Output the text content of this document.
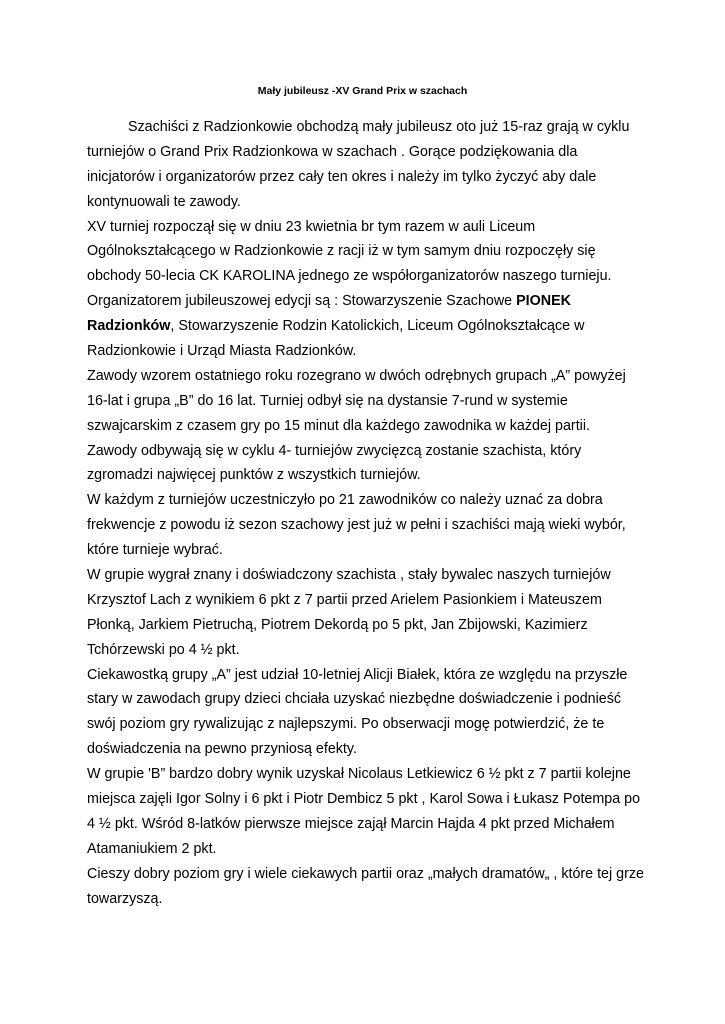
Mały jubileusz -XV Grand Prix w szachach
Szachiści z Radzionkowie obchodzą mały jubileusz oto już 15-raz grają w cyklu
turniejów o Grand Prix Radzionkowa w szachach . Gorące podziękowania dla
inicjatorów i organizatorów przez cały ten okres i należy im tylko życzyć aby dale
kontynuowali te zawody.
XV turniej rozpoczął się w dniu 23 kwietnia br tym razem w auli Liceum
Ogólnokształcącego w Radzionkowie z racji iż w tym samym dniu rozpoczęły się
obchody 50-lecia CK KAROLINA jednego ze współorganizatorów naszego turnieju.
Organizatorem jubileuszowej edycji są : Stowarzyszenie Szachowe PIONEK
Radzionków, Stowarzyszenie Rodzin Katolickich, Liceum Ogólnokształcące w
Radzionkowie i Urząd Miasta Radzionków.
Zawody wzorem ostatniego roku rozegrano w dwóch odrębnych grupach „A” powyżej
16-lat i grupa „B” do 16 lat. Turniej odbył się na dystansie 7-rund w systemie
szwajcarskim z czasem gry po 15 minut dla każdego zawodnika w każdej partii.
Zawody odbywają się w cyklu 4- turniejów zwycięzcą zostanie szachista, który
zgromadzi najwięcej punktów z wszystkich turniejów.
W każdym z turniejów uczestniczyło po 21 zawodników co należy uznać za dobra
frekwencje z powodu iż sezon szachowy jest już w pełni i szachiści mają wieki wybór,
które turnieje wybrać.
W grupie wygrał znany i doświadczony szachista , stały bywalec naszych turniejów
Krzysztof Lach z wynikiem 6 pkt z 7 partii przed Arielem Pasionkiem i Mateuszem
Płonką, Jarkiem Pietruchą, Piotrem Dekordą po 5 pkt, Jan Zbijowski, Kazimierz
Tchórzewski po 4 ½ pkt.
Ciekawostką grupy „A” jest udział 10-letniej Alicji Białek, która ze względu na przyszłe
stary w zawodach grupy dzieci chciała uzyskać niezbędne doświadczenie i podnieść
swój poziom gry rywalizując z najlepszymi. Po obserwacji mogę potwierdzić, że te
doświadczenia na pewno przyniosą efekty.
W grupie 'B” bardzo dobry wynik uzyskał Nicolaus Letkiewicz 6 ½ pkt z 7 partii kolejne
miejsca zajęli Igor Solny i 6 pkt i Piotr Dembicz 5 pkt , Karol Sowa i Łukasz Potempa po
4 ½ pkt. Wśród 8-latków pierwsze miejsce zajął Marcin Hajda 4 pkt przed Michałem
Atamaniukiem 2 pkt.
Cieszy dobry poziom gry i wiele ciekawych partii oraz „małych dramatów„ , które tej grze
towarzyszą.
